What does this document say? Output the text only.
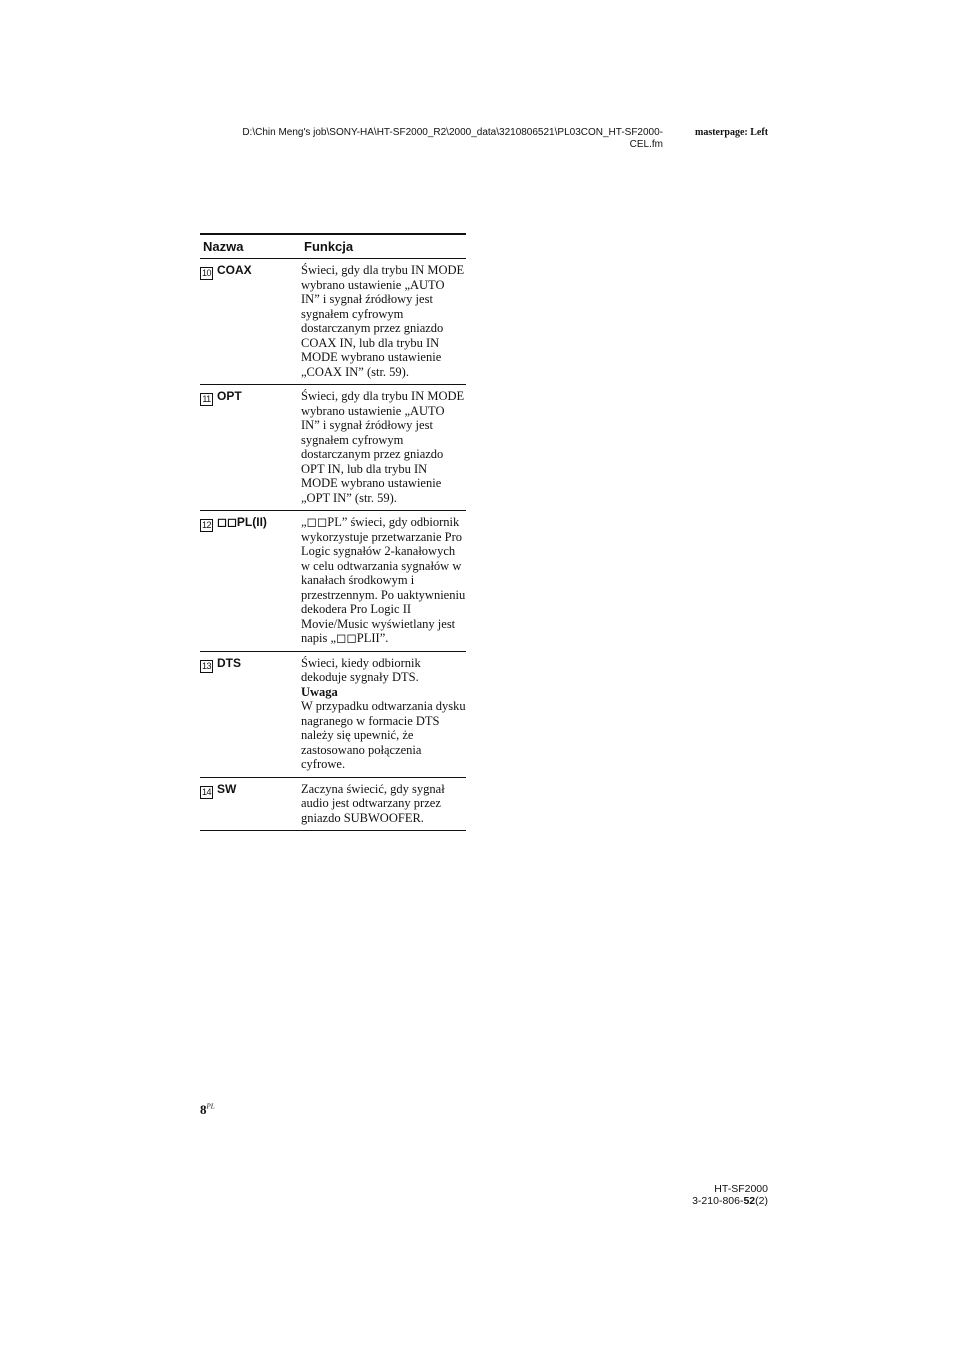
D:\Chin Meng's job\SONY-HA\HT-SF2000_R2\2000_data\3210806521\PL03CON_HT-SF2000-
CEL.fm
masterpage: Left
Nazwa	Funkcja
10 COAX	Świeci, gdy dla trybu IN MODE wybrano ustawienie „AUTO IN” i sygnał źródłowy jest sygnałem cyfrowym dostarczanym przez gniazdo COAX IN, lub dla trybu IN MODE wybrano ustawienie „COAX IN” (str. 59).
11 OPT	Świeci, gdy dla trybu IN MODE wybrano ustawienie „AUTO IN” i sygnał źródłowy jest sygnałem cyfrowym dostarczanym przez gniazdo OPT IN, lub dla trybu IN MODE wybrano ustawienie „OPT IN” (str. 59).
12 ◻◻PL(II)	„◻◻PL” świeci, gdy odbiornik wykorzystuje przetwarzanie Pro Logic sygnałów 2-kanałowych w celu odtwarzania sygnałów w kanałach środkowym i przestrzennym. Po uaktywnieniu dekodera Pro Logic II Movie/Music wyświetlany jest napis „◻◻PLII”.
13 DTS	Świeci, kiedy odbiornik dekoduje sygnały DTS.
Uwaga
W przypadku odtwarzania dysku nagranego w formacie DTS należy się upewnić, że zastosowano połączenia cyfrowe.

14 SW	Zaczyna świecić, gdy sygnał audio jest odtwarzany przez gniazdo SUBWOOFER.
$8^{PL}$
HT-SF2000
3-210-806-52(2)
